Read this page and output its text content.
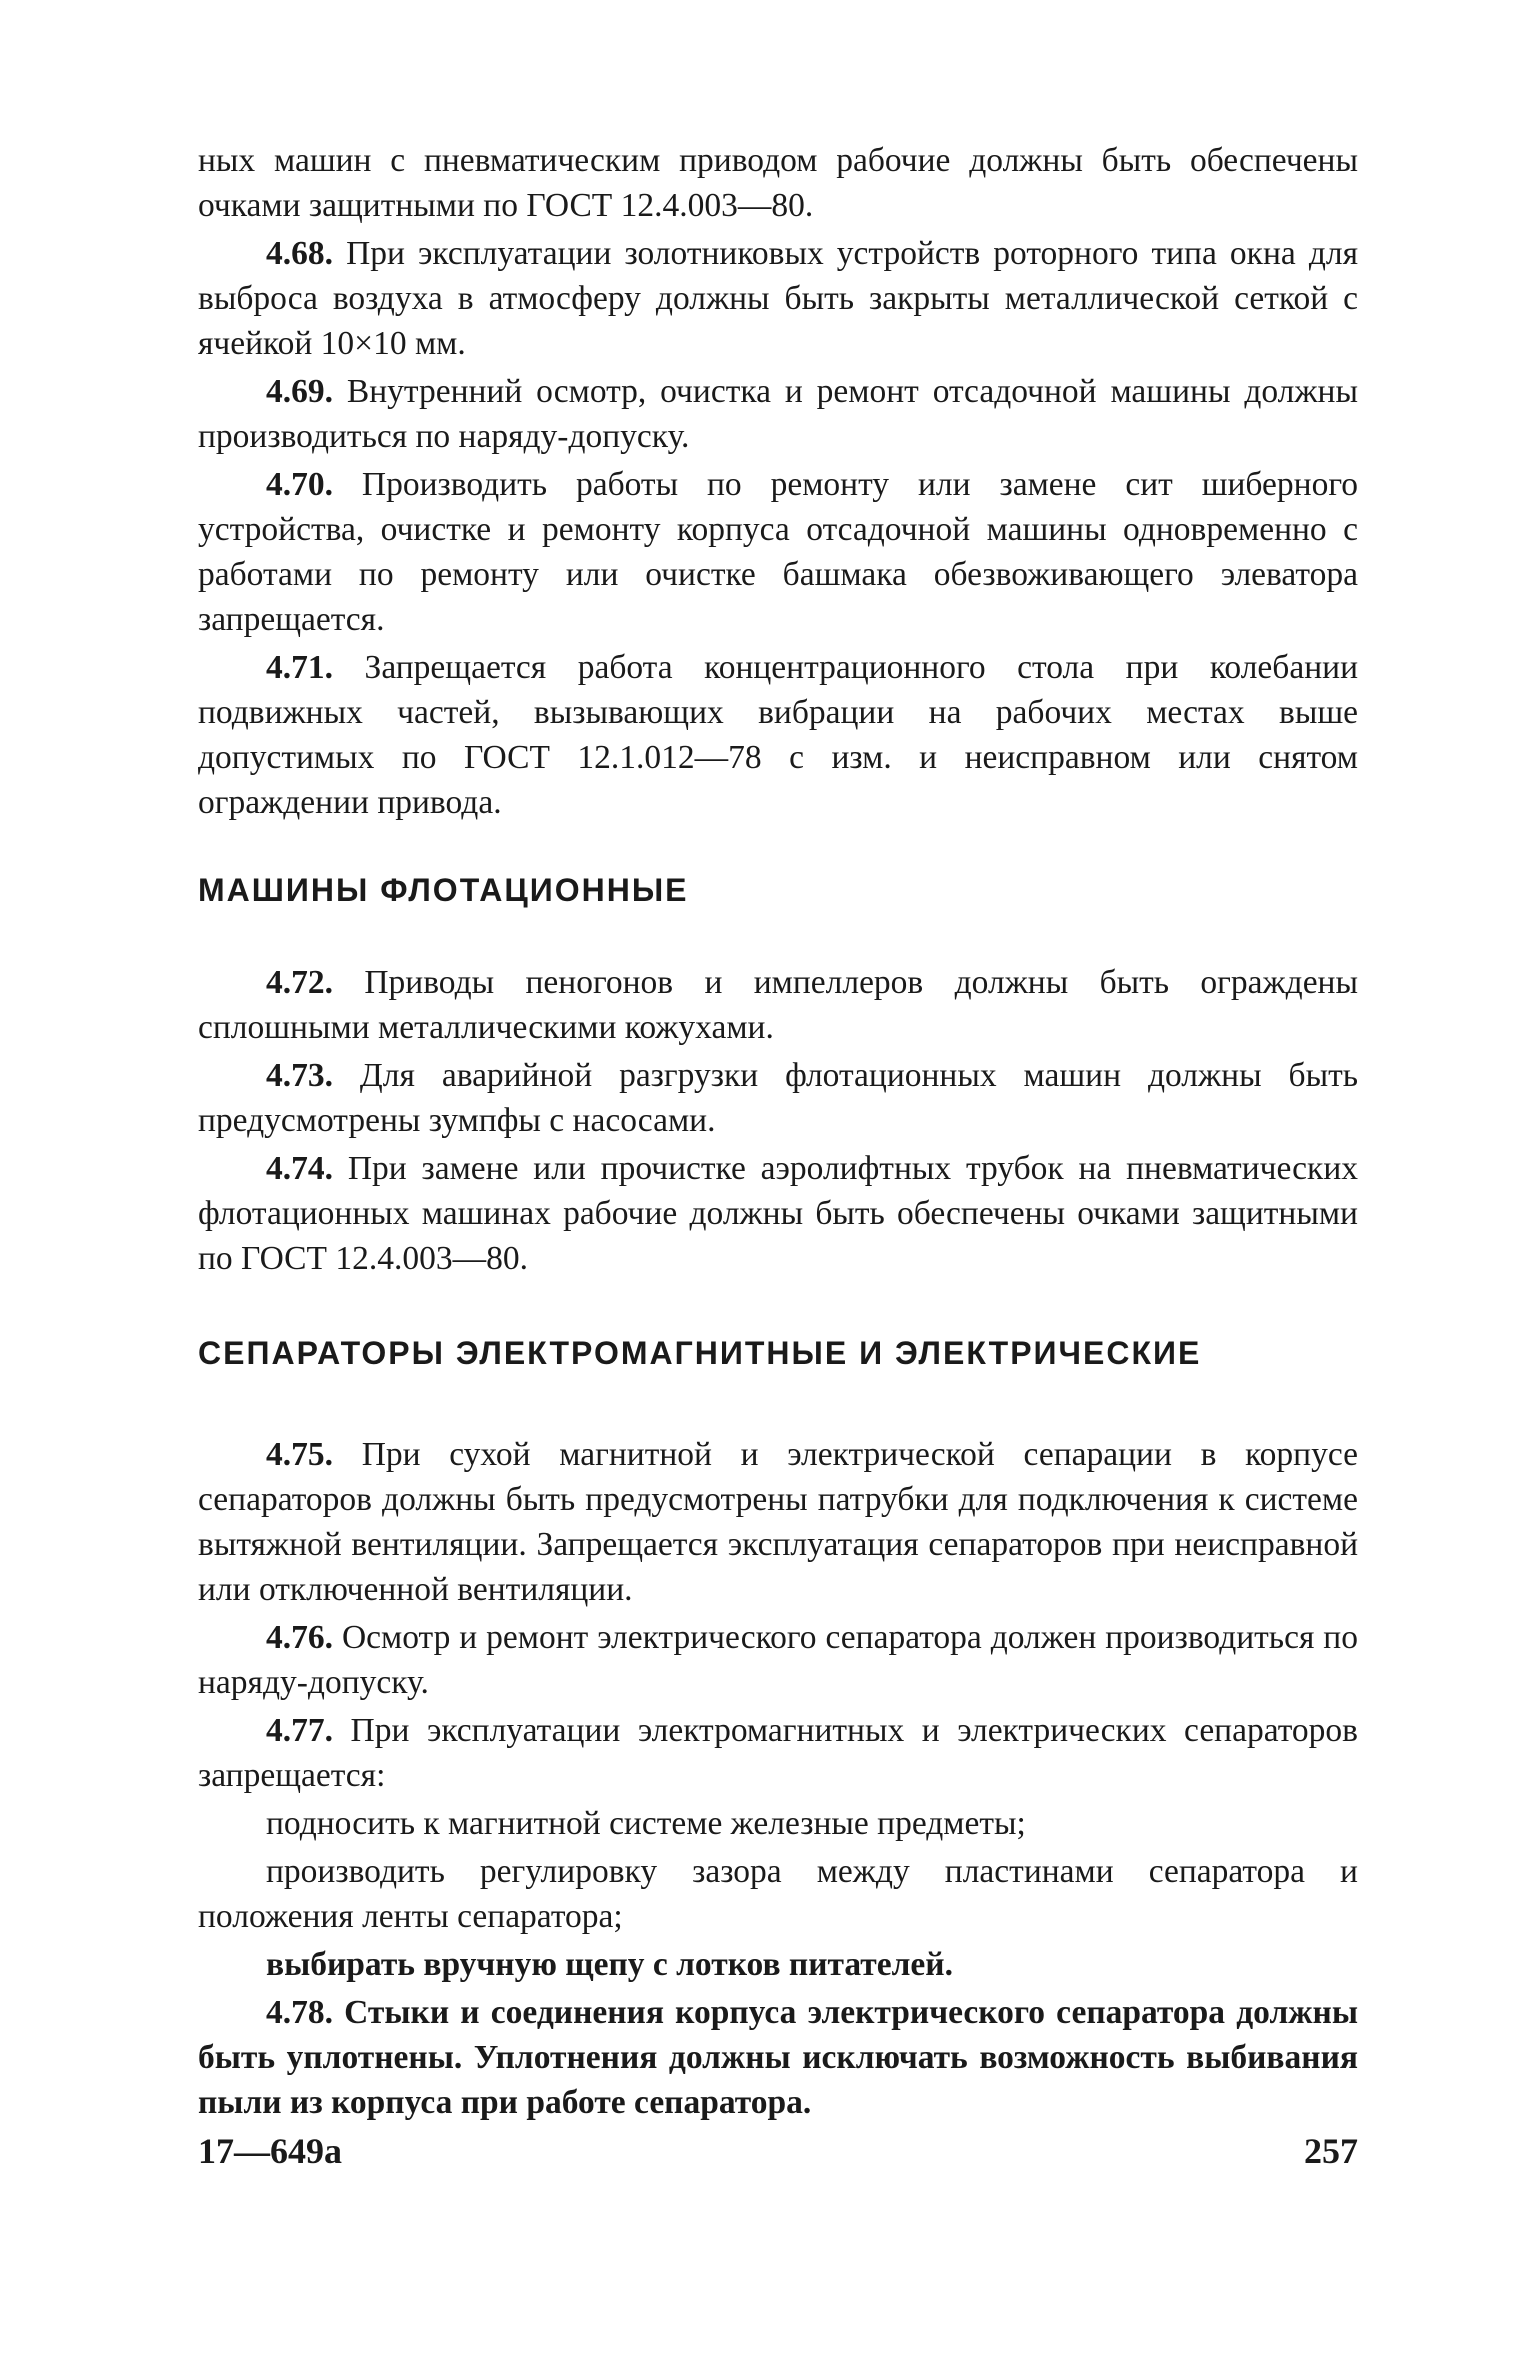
ных машин с пневматическим приводом рабочие должны быть обеспечены очками защитными по ГОСТ 12.4.003—80.

4.68. При эксплуатации золотниковых устройств роторного типа окна для выброса воздуха в атмосферу должны быть закрыты металлической сеткой с ячейкой 10×10 мм.

4.69. Внутренний осмотр, очистка и ремонт отсадочной машины должны производиться по наряду-допуску.

4.70. Производить работы по ремонту или замене сит шиберного устройства, очистке и ремонту корпуса отсадочной машины одновременно с работами по ремонту или очистке башмака обезвоживающего элеватора запрещается.

4.71. Запрещается работа концентрационного стола при колебании подвижных частей, вызывающих вибрации на рабочих местах выше допустимых по ГОСТ 12.1.012—78 с изм. и неисправном или снятом ограждении привода.

МАШИНЫ ФЛОТАЦИОННЫЕ

4.72. Приводы пеногонов и импеллеров должны быть ограждены сплошными металлическими кожухами.

4.73. Для аварийной разгрузки флотационных машин должны быть предусмотрены зумпфы с насосами.

4.74. При замене или прочистке аэролифтных трубок на пневматических флотационных машинах рабочие должны быть обеспечены очками защитными по ГОСТ 12.4.003—80.

СЕПАРАТОРЫ ЭЛЕКТРОМАГНИТНЫЕ И ЭЛЕКТРИЧЕСКИЕ

4.75. При сухой магнитной и электрической сепарации в корпусе сепараторов должны быть предусмотрены патрубки для подключения к системе вытяжной вентиляции. Запрещается эксплуатация сепараторов при неисправной или отключенной вентиляции.

4.76. Осмотр и ремонт электрического сепаратора должен производиться по наряду-допуску.

4.77. При эксплуатации электромагнитных и электрических сепараторов запрещается:

подносить к магнитной системе железные предметы;

производить регулировку зазора между пластинами сепаратора и положения ленты сепаратора;

выбирать вручную щепу с лотков питателей.

4.78. Стыки и соединения корпуса электрического сепаратора должны быть уплотнены. Уплотнения должны исключать возможность выбивания пыли из корпуса при работе сепаратора.

17—649а	257
